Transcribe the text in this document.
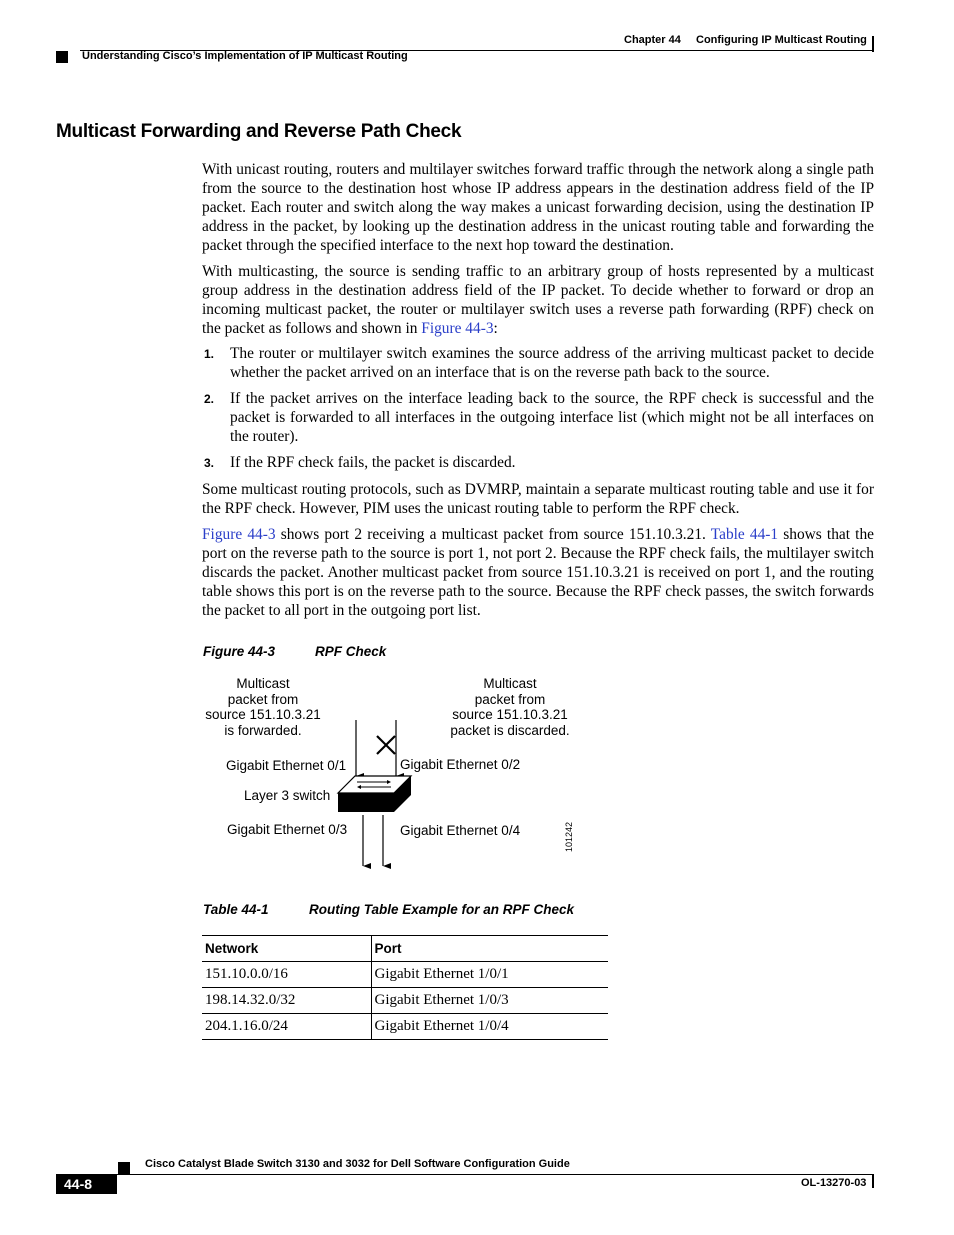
Chapter 44 Configuring IP Multicast Routing
Understanding Cisco’s Implementation of IP Multicast Routing
Multicast Forwarding and Reverse Path Check

With unicast routing, routers and multilayer switches forward traffic through the network along a single path from the source to the destination host whose IP address appears in the destination address field of the IP packet. Each router and switch along the way makes a unicast forwarding decision, using the destination IP address in the packet, by looking up the destination address in the unicast routing table and forwarding the packet through the specified interface to the next hop toward the destination.

With multicasting, the source is sending traffic to an arbitrary group of hosts represented by a multicast group address in the destination address field of the IP packet. To decide whether to forward or drop an incoming multicast packet, the router or multilayer switch uses a reverse path forwarding (RPF) check on the packet as follows and shown in Figure 44-3:

1. The router or multilayer switch examines the source address of the arriving multicast packet to decide whether the packet arrived on an interface that is on the reverse path back to the source.

2. If the packet arrives on the interface leading back to the source, the RPF check is successful and the packet is forwarded to all interfaces in the outgoing interface list (which might not be all interfaces on the router).

3. If the RPF check fails, the packet is discarded.

Some multicast routing protocols, such as DVMRP, maintain a separate multicast routing table and use it for the RPF check. However, PIM uses the unicast routing table to perform the RPF check.

Figure 44-3 shows port 2 receiving a multicast packet from source 151.10.3.21. Table 44-1 shows that the port on the reverse path to the source is port 1, not port 2. Because the RPF check fails, the multilayer switch discards the packet. Another multicast packet from source 151.10.3.21 is received on port 1, and the routing table shows this port is on the reverse path to the source. Because the RPF check passes, the switch forwards the packet to all port in the outgoing port list.

Figure 44-3	RPF Check
Multicast
packet from
source 151.10.3.21
is forwarded.
Multicast
packet from
source 151.10.3.21
packet is discarded.
Gigabit Ethernet 0/1	Gigabit Ethernet 0/2
Layer 3 switch
Gigabit Ethernet 0/3	Gigabit Ethernet 0/4	101242
Table 44-1	Routing Table Example for an RPF Check
Network	Port
151.10.0.0/16	Gigabit Ethernet 1/0/1
198.14.32.0/32	Gigabit Ethernet 1/0/3
204.1.16.0/24	Gigabit Ethernet 1/0/4
Cisco Catalyst Blade Switch 3130 and 3032 for Dell Software Configuration Guide
44-8	OL-13270-03
